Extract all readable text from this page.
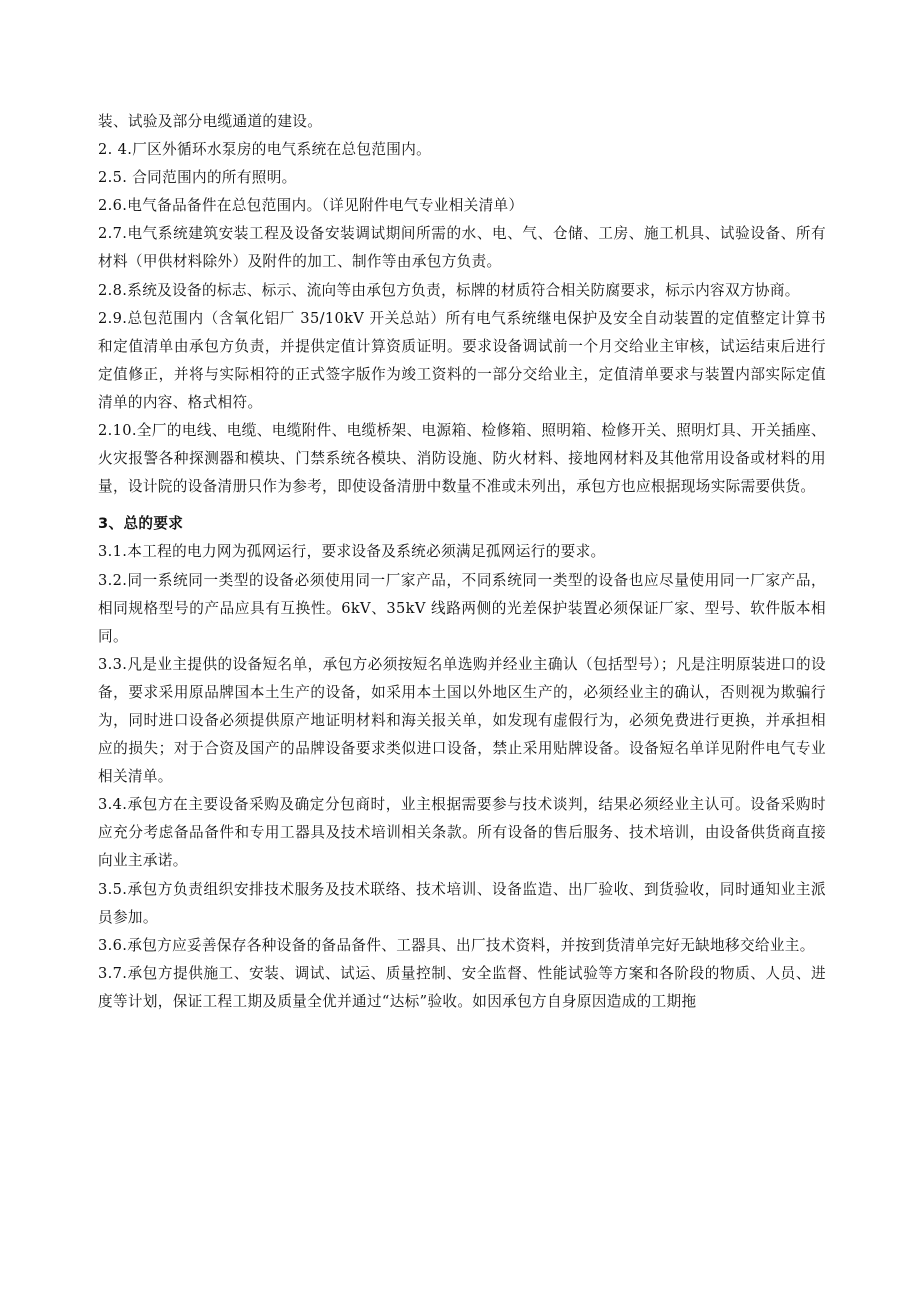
装、试验及部分电缆通道的建设。

2. 4.厂区外循环水泵房的电气系统在总包范围内。

2.5. 合同范围内的所有照明。

2.6.电气备品备件在总包范围内。（详见附件电气专业相关清单）

2.7.电气系统建筑安装工程及设备安装调试期间所需的水、电、气、仓储、工房、施工机具、试验设备、所有材料（甲供材料除外）及附件的加工、制作等由承包方负责。

2.8.系统及设备的标志、标示、流向等由承包方负责，标牌的材质符合相关防腐要求，标示内容双方协商。

2.9.总包范围内（含氧化铝厂 35/10kV 开关总站）所有电气系统继电保护及安全自动装置的定值整定计算书和定值清单由承包方负责，并提供定值计算资质证明。要求设备调试前一个月交给业主审核，试运结束后进行定值修正，并将与实际相符的正式签字版作为竣工资料的一部分交给业主，定值清单要求与装置内部实际定值清单的内容、格式相符。

2.10.全厂的电线、电缆、电缆附件、电缆桥架、电源箱、检修箱、照明箱、检修开关、照明灯具、开关插座、火灾报警各种探测器和模块、门禁系统各模块、消防设施、防火材料、接地网材料及其他常用设备或材料的用量，设计院的设备清册只作为参考，即使设备清册中数量不准或未列出，承包方也应根据现场实际需要供货。

3、总的要求

3.1.本工程的电力网为孤网运行，要求设备及系统必须满足孤网运行的要求。

3.2.同一系统同一类型的设备必须使用同一厂家产品，不同系统同一类型的设备也应尽量使用同一厂家产品，相同规格型号的产品应具有互换性。6kV、35kV 线路两侧的光差保护装置必须保证厂家、型号、软件版本相同。

3.3.凡是业主提供的设备短名单，承包方必须按短名单选购并经业主确认（包括型号）；凡是注明原装进口的设备，要求采用原品牌国本土生产的设备，如采用本土国以外地区生产的，必须经业主的确认，否则视为欺骗行为，同时进口设备必须提供原产地证明材料和海关报关单，如发现有虚假行为，必须免费进行更换，并承担相应的损失；对于合资及国产的品牌设备要求类似进口设备，禁止采用贴牌设备。设备短名单详见附件电气专业相关清单。

3.4.承包方在主要设备采购及确定分包商时，业主根据需要参与技术谈判，结果必须经业主认可。设备采购时应充分考虑备品备件和专用工器具及技术培训相关条款。所有设备的售后服务、技术培训，由设备供货商直接向业主承诺。

3.5.承包方负责组织安排技术服务及技术联络、技术培训、设备监造、出厂验收、到货验收，同时通知业主派员参加。

3.6.承包方应妥善保存各种设备的备品备件、工器具、出厂技术资料，并按到货清单完好无缺地移交给业主。

3.7.承包方提供施工、安装、调试、试运、质量控制、安全监督、性能试验等方案和各阶段的物质、人员、进度等计划，保证工程工期及质量全优并通过“达标”验收。如因承包方自身原因造成的工期拖
